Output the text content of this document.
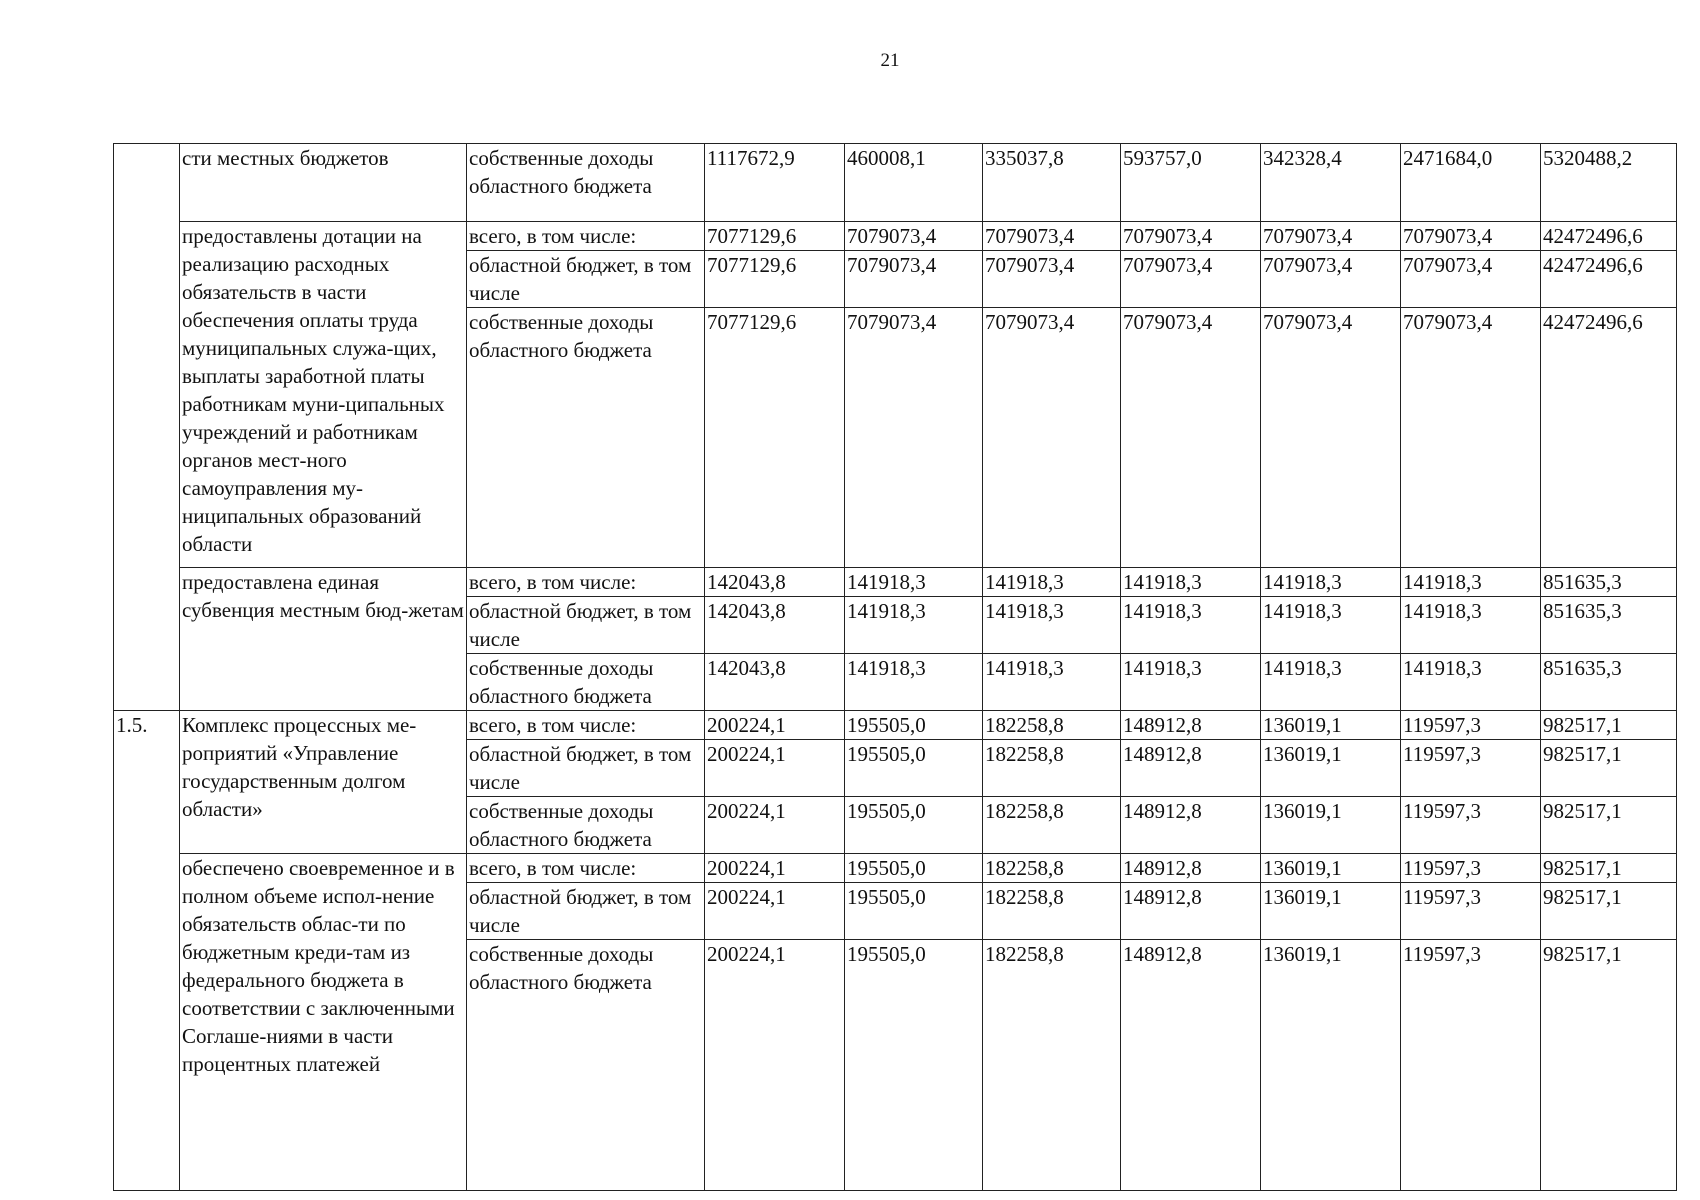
21
	сти местных бюджетов	собственные доходы областного бюджета	1117672,9	460008,1	335037,8	593757,0	342328,4	2471684,0	5320488,2
	предоставлены дотации на реализацию расходных обязательств в части обеспечения оплаты труда муниципальных служа-щих, выплаты заработной платы работникам муни-ципальных учреждений и работникам органов мест-ного самоуправления му-ниципальных образований области	всего, в том числе:	7077129,6	7079073,4	7079073,4	7079073,4	7079073,4	7079073,4	42472496,6
		областной бюджет, в том числе	7077129,6	7079073,4	7079073,4	7079073,4	7079073,4	7079073,4	42472496,6
		собственные доходы областного бюджета	7077129,6	7079073,4	7079073,4	7079073,4	7079073,4	7079073,4	42472496,6
	предоставлена единая субвенция местным бюд-жетам	всего, в том числе:	142043,8	141918,3	141918,3	141918,3	141918,3	141918,3	851635,3
		областной бюджет, в том числе	142043,8	141918,3	141918,3	141918,3	141918,3	141918,3	851635,3
		собственные доходы областного бюджета	142043,8	141918,3	141918,3	141918,3	141918,3	141918,3	851635,3
1.5.	Комплекс процессных ме-роприятий «Управление государственным долгом области»	всего, в том числе:	200224,1	195505,0	182258,8	148912,8	136019,1	119597,3	982517,1
		областной бюджет, в том числе	200224,1	195505,0	182258,8	148912,8	136019,1	119597,3	982517,1
		собственные доходы областного бюджета	200224,1	195505,0	182258,8	148912,8	136019,1	119597,3	982517,1
	обеспечено своевременное и в полном объеме испол-нение обязательств облас-ти по бюджетным креди-там из федерального бюджета в соответствии с заключенными Соглаше-ниями в части процентных платежей	всего, в том числе:	200224,1	195505,0	182258,8	148912,8	136019,1	119597,3	982517,1
		областной бюджет, в том числе	200224,1	195505,0	182258,8	148912,8	136019,1	119597,3	982517,1
		собственные доходы областного бюджета	200224,1	195505,0	182258,8	148912,8	136019,1	119597,3	982517,1
